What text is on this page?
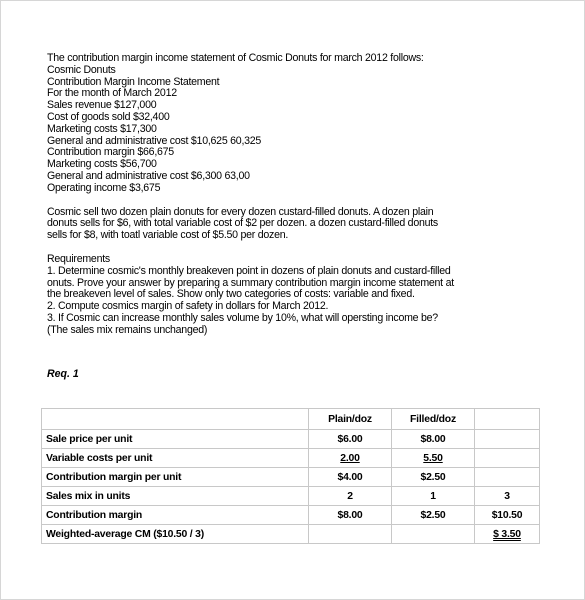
The contribution margin income statement of Cosmic Donuts for march 2012 follows:

Cosmic Donuts

Contribution Margin Income Statement

For the month of March 2012

Sales revenue $127,000

Cost of goods sold $32,400

Marketing costs $17,300

General and administrative cost $10,625 60,325

Contribution margin $66,675

Marketing costs $56,700

General and administrative cost $6,300 63,00

Operating income $3,675

Cosmic sell two dozen plain donuts for every dozen custard-filled donuts. A dozen plain

donuts sells for $6, with total variable cost of $2 per dozen. a dozen custard-filled donuts

sells for $8, with toatl variable cost of $5.50 per dozen.

Requirements

1. Determine cosmic's monthly breakeven point in dozens of plain donuts and custard-filled

onuts. Prove your answer by preparing a summary contribution margin income statement at

the breakeven level of sales. Show only two categories of costs: variable and fixed.

2. Compute cosmics margin of safety in dollars for March 2012.

3. If Cosmic can increase monthly sales volume by 10%, what will opersting income be?

(The sales mix remains unchanged)

Req. 1
	Plain/doz	Filled/doz	
Sale price per unit	$6.00	$8.00	
Variable costs per unit	2.00	5.50	
Contribution margin per unit	$4.00	$2.50	
Sales mix in units	2	1	3
Contribution margin	$8.00	$2.50	$10.50
Weighted-average CM ($10.50 / 3)			$ 3.50
